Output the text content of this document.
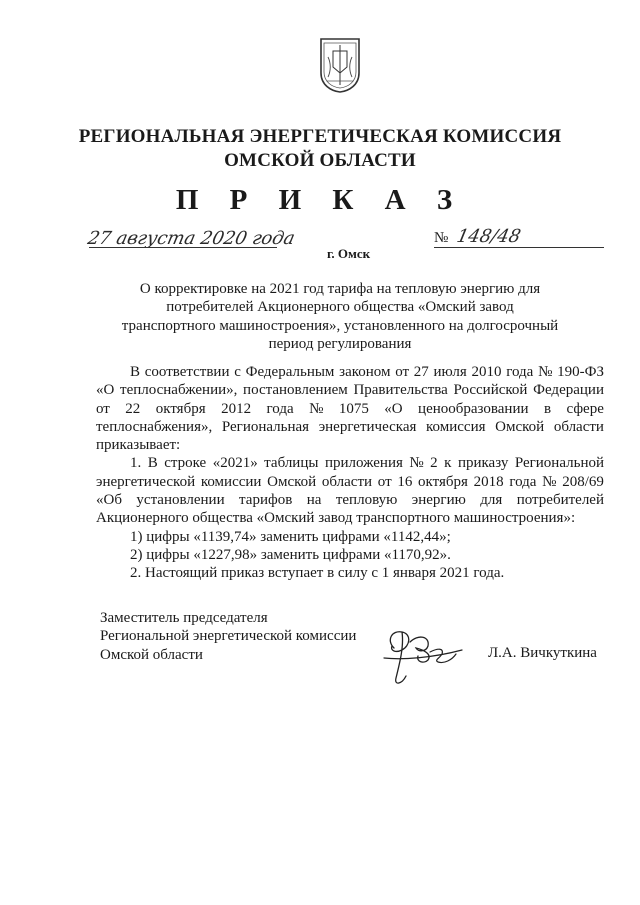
РЕГИОНАЛЬНАЯ ЭНЕРГЕТИЧЕСКАЯ КОМИССИЯ
ОМСКОЙ ОБЛАСТИ
П Р И К А З
27 августа 2020 года
г. Омск
№ 148/48
О корректировке на 2021 год тарифа на тепловую энергию для
потребителей Акционерного общества «Омский завод
транспортного машиностроения», установленного на долгосрочный
период регулирования
В соответствии с Федеральным законом от 27 июля 2010 года № 190-ФЗ
«О теплоснабжении», постановлением Правительства Российской Федерации
от 22 октября 2012 года № 1075 «О ценообразовании в сфере
теплоснабжения», Региональная энергетическая комиссия Омской области
приказывает:
1. В строке «2021» таблицы приложения № 2 к приказу Региональной
энергетической комиссии Омской области от 16 октября 2018 года № 208/69
«Об установлении тарифов на тепловую энергию для потребителей
Акционерного общества «Омский завод транспортного машиностроения»:
1) цифры «1139,74» заменить цифрами «1142,44»;
2) цифры «1227,98» заменить цифрами «1170,92».
2. Настоящий приказ вступает в силу с 1 января 2021 года.
Заместитель председателя
Региональной энергетической комиссии
Омской области	Л.А. Вичкуткина
